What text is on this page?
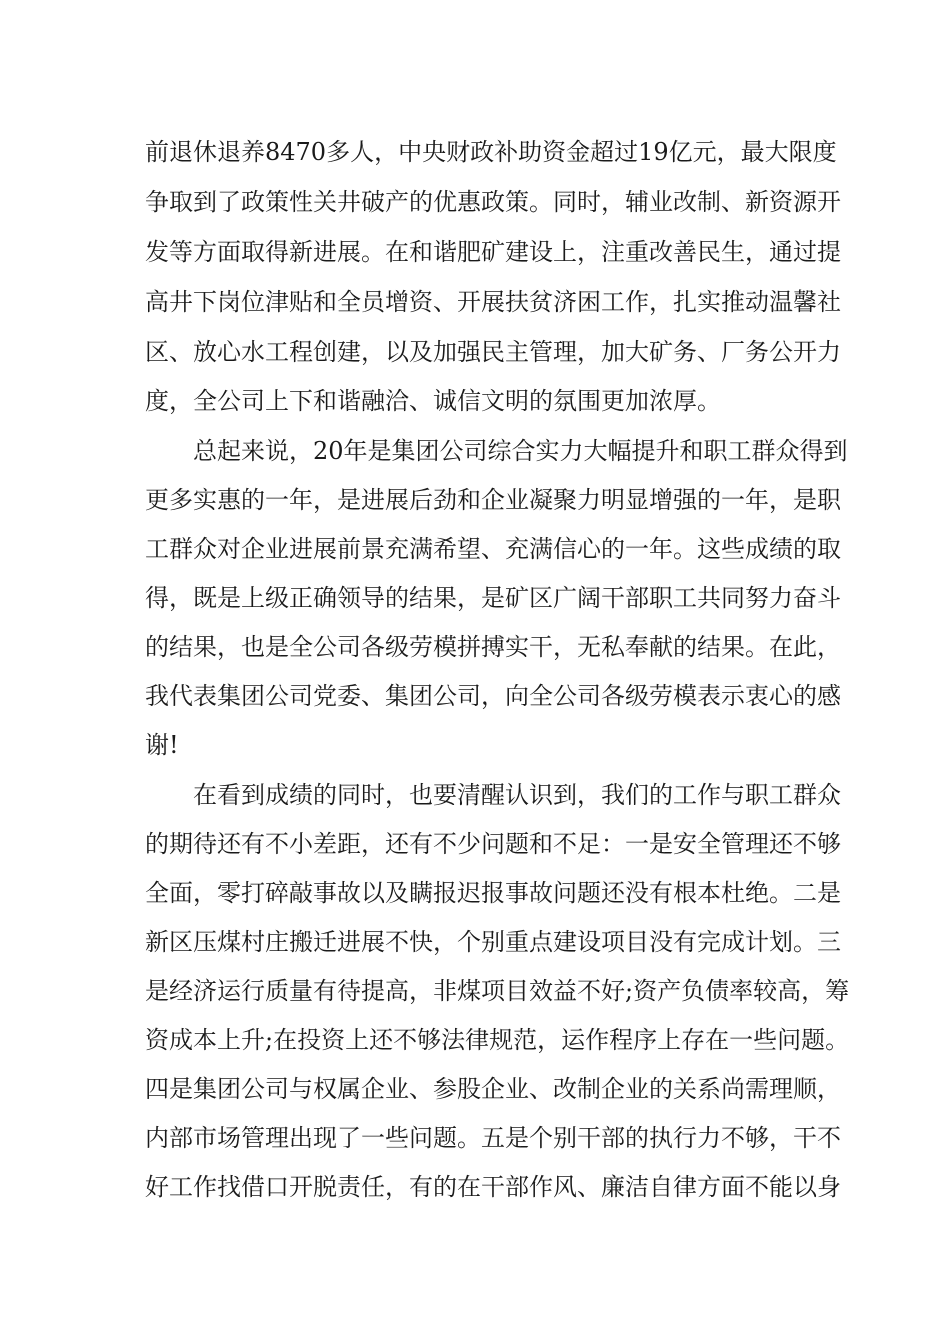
前退休退养8470多人，中央财政补助资金超过19亿元，最大限度
争取到了政策性关井破产的优惠政策。同时，辅业改制、新资源开
发等方面取得新进展。在和谐肥矿建设上，注重改善民生，通过提
高井下岗位津贴和全员增资、开展扶贫济困工作，扎实推动温馨社
区、放心水工程创建，以及加强民主管理，加大矿务、厂务公开力
度，全公司上下和谐融洽、诚信文明的氛围更加浓厚。
总起来说，20年是集团公司综合实力大幅提升和职工群众得到
更多实惠的一年，是进展后劲和企业凝聚力明显增强的一年，是职
工群众对企业进展前景充满希望、充满信心的一年。这些成绩的取
得，既是上级正确领导的结果，是矿区广阔干部职工共同努力奋斗
的结果，也是全公司各级劳模拼搏实干，无私奉献的结果。在此，
我代表集团公司党委、集团公司，向全公司各级劳模表示衷心的感
谢!
在看到成绩的同时，也要清醒认识到，我们的工作与职工群众
的期待还有不小差距，还有不少问题和不足：一是安全管理还不够
全面，零打碎敲事故以及瞒报迟报事故问题还没有根本杜绝。二是
新区压煤村庄搬迁进展不快，个别重点建设项目没有完成计划。三
是经济运行质量有待提高，非煤项目效益不好;资产负债率较高，筹
资成本上升;在投资上还不够法律规范，运作程序上存在一些问题。
四是集团公司与权属企业、参股企业、改制企业的关系尚需理顺，
内部市场管理出现了一些问题。五是个别干部的执行力不够，干不
好工作找借口开脱责任，有的在干部作风、廉洁自律方面不能以身
